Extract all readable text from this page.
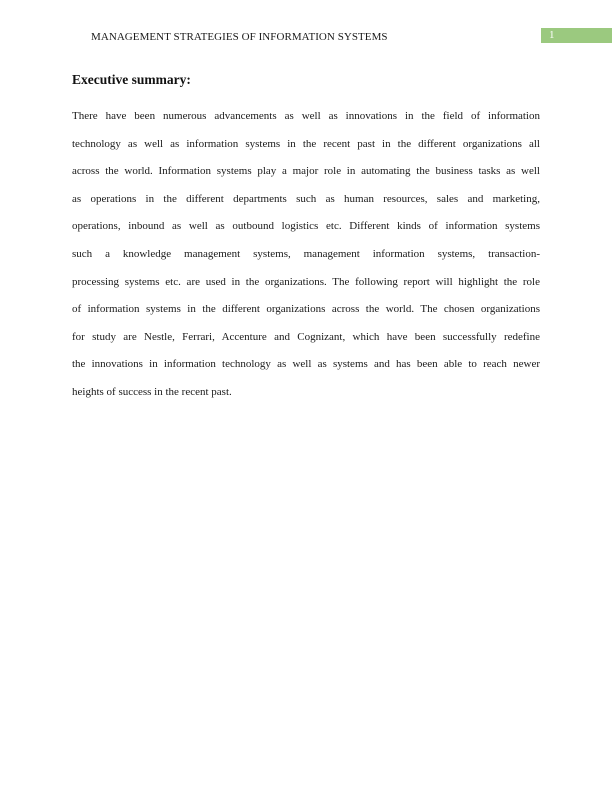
MANAGEMENT STRATEGIES OF INFORMATION SYSTEMS	1
Executive summary:
There have been numerous advancements as well as innovations in the field of information
technology as well as information systems in the recent past in the different organizations all
across the world. Information systems play a major role in automating the business tasks as well
as operations in the different departments such as human resources, sales and marketing,
operations, inbound as well as outbound logistics etc. Different kinds of information systems
such a knowledge management systems, management information systems, transaction-
processing systems etc. are used in the organizations. The following report will highlight the role
of information systems in the different organizations across the world. The chosen organizations
for study are Nestle, Ferrari, Accenture and Cognizant, which have been successfully redefine
the innovations in information technology as well as systems and has been able to reach newer
heights of success in the recent past.
